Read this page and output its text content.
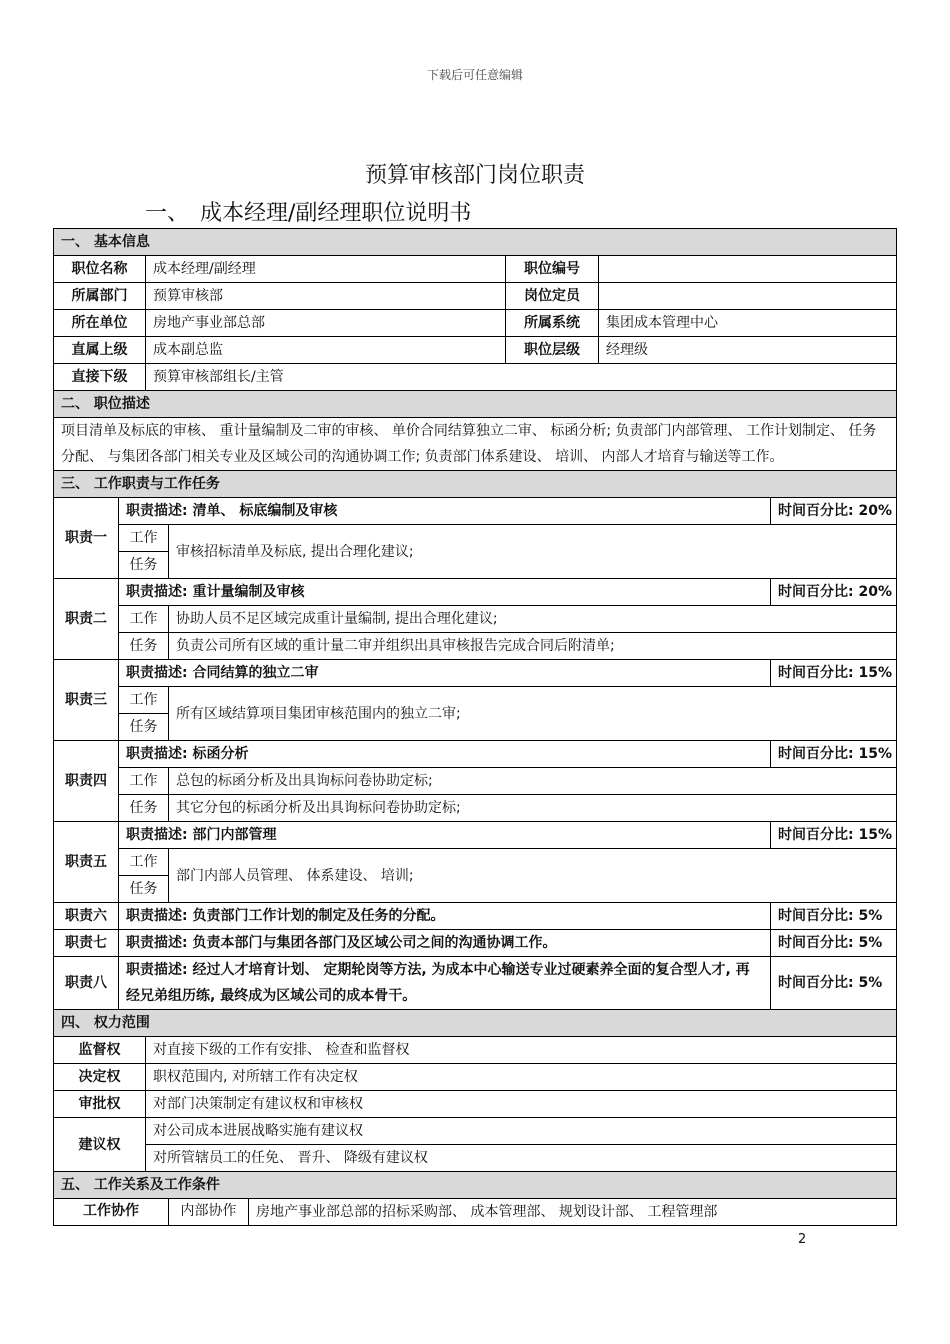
下载后可任意编辑
预算审核部门岗位职责
一、 成本经理/副经理职位说明书
一、 基本信息							
职位名称		成本经理/副经理			职位编号		
所属部门		预算审核部			岗位定员		
所在单位		房地产事业部总部			所属系统	集团成本管理中心	
直属上级		成本副总监			职位层级	经理级	
直接下级		预算审核部组长/主管					
二、 职位描述							
项目清单及标底的审核、 重计量编制及二审的审核、 单价合同结算独立二审、 标函分析; 负责部门内部管理、 工作计划制定、 任务分配、 与集团各部门相关专业及区域公司的沟通协调工作; 负责部门体系建设、 培训、 内部人才培育与输送等工作。							
三、 工作职责与工作任务							
职责一	职责描述: 清单、 标底编制及审核						时间百分比: 20%
	工作		审核招标清单及标底, 提出合理化建议;				
	任务						
职责二	职责描述: 重计量编制及审核						时间百分比: 20%
	工作		协助人员不足区域完成重计量编制, 提出合理化建议;				
	任务		负责公司所有区域的重计量二审并组织出具审核报告完成合同后附清单;				
职责三	职责描述: 合同结算的独立二审						时间百分比: 15%
	工作		所有区域结算项目集团审核范围内的独立二审;				
	任务						
职责四	职责描述: 标函分析						时间百分比: 15%
	工作		总包的标函分析及出具询标问卷协助定标;				
	任务		其它分包的标函分析及出具询标问卷协助定标;				
职责五	职责描述: 部门内部管理						时间百分比: 15%
	工作		部门内部人员管理、 体系建设、 培训;				
	任务						
职责六	职责描述: 负责部门工作计划的制定及任务的分配。						时间百分比: 5%
职责七	职责描述: 负责本部门与集团各部门及区域公司之间的沟通协调工作。						时间百分比: 5%
职责八	职责描述: 经过人才培育计划、 定期轮岗等方法, 为成本中心输送专业过硬素养全面的复合型人才, 再经兄弟组历练, 最终成为区域公司的成本骨干。						时间百分比: 5%
四、 权力范围							
监督权		对直接下级的工作有安排、 检查和监督权					
决定权		职权范围内, 对所辖工作有决定权					
审批权		对部门决策制定有建议权和审核权					
建议权		对公司成本进展战略实施有建议权					
		对所管辖员工的任免、 晋升、 降级有建议权					
五、 工作关系及工作条件							
工作协作			内部协作	房地产事业部总部的招标采购部、 成本管理部、 规划设计部、 工程管理部			
2
